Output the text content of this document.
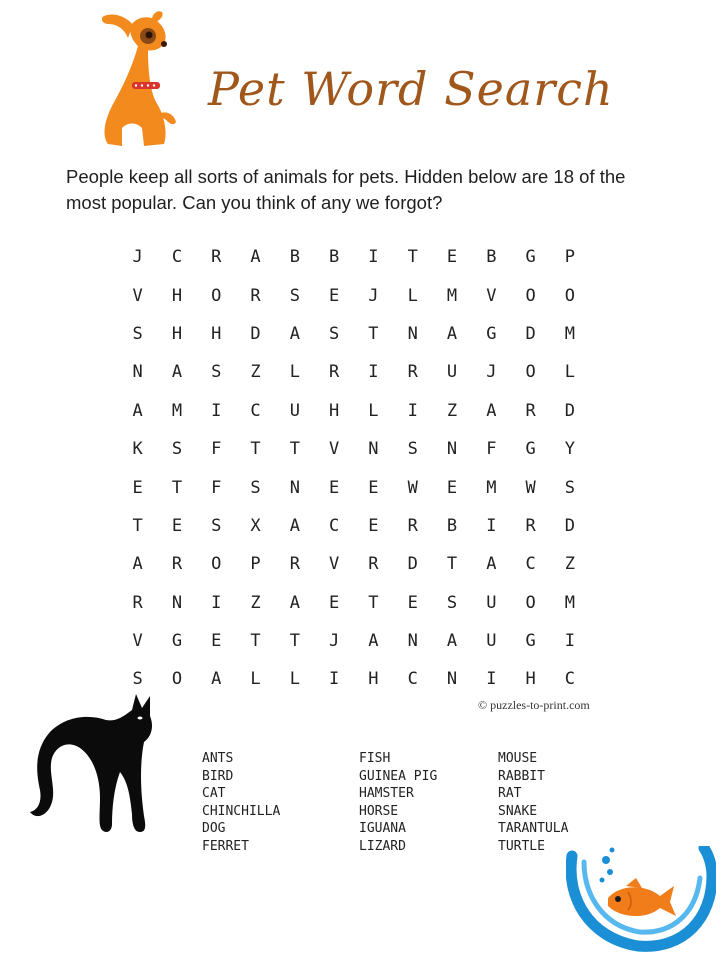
Pet Word Search
People keep all sorts of animals for pets. Hidden below are 18 of the most popular. Can you think of any we forgot?
J	C	R	A	B	B	I	T	E	B	G	P
V	H	O	R	S	E	J	L	M	V	O	O
S	H	H	D	A	S	T	N	A	G	D	M
N	A	S	Z	L	R	I	R	U	J	O	L
A	M	I	C	U	H	L	I	Z	A	R	D
K	S	F	T	T	V	N	S	N	F	G	Y
E	T	F	S	N	E	E	W	E	M	W	S
T	E	S	X	A	C	E	R	B	I	R	D
A	R	O	P	R	V	R	D	T	A	C	Z
R	N	I	Z	A	E	T	E	S	U	O	M
V	G	E	T	T	J	A	N	A	U	G	I
S	O	A	L	L	I	H	C	N	I	H	C
© puzzles-to-print.com
ANTS
BIRD
CAT
CHINCHILLA
DOG
FERRET
FISH
GUINEA PIG
HAMSTER
HORSE
IGUANA
LIZARD
MOUSE
RABBIT
RAT
SNAKE
TARANTULA
TURTLE
